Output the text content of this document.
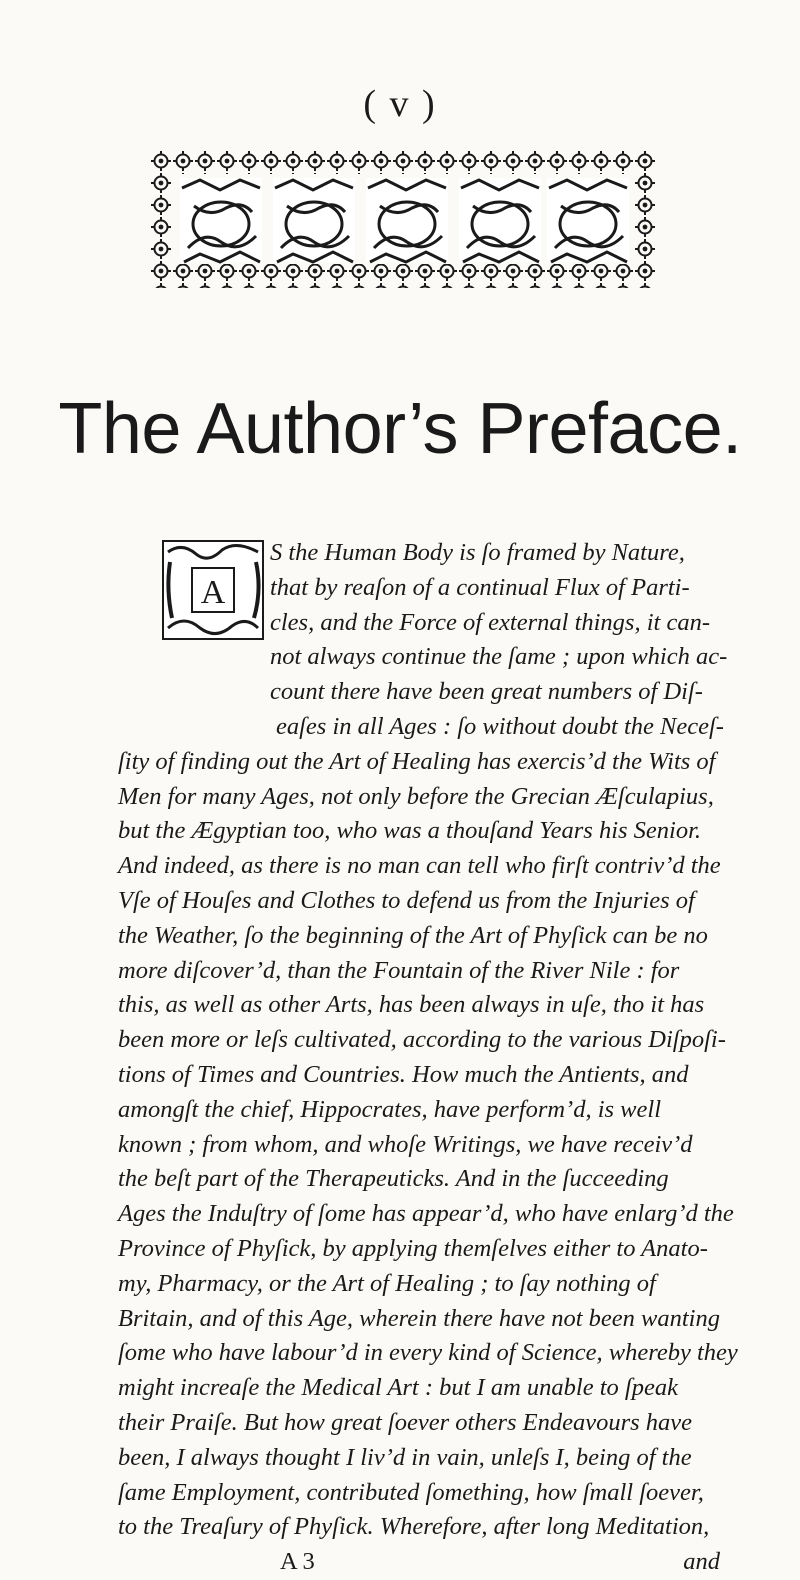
( v )
The Author’s Preface.
A
S the Human Body is ſo framed by Nature,
that by reaſon of a continual Flux of Parti-
cles, and the Force of external things, it can-
not always continue the ſame ; upon which ac-
count there have been great numbers of Diſ-
eaſes in all Ages : ſo without doubt the Neceſ-
ſity of finding out the Art of Healing has exercis’d the Wits of
Men for many Ages, not only before the Grecian Æſculapius,
but the Ægyptian too, who was a thouſand Years his Senior.
And indeed, as there is no man can tell who firſt contriv’d the
Vſe of Houſes and Clothes to defend us from the Injuries of
the Weather, ſo the beginning of the Art of Phyſick can be no
more diſcover’d, than the Fountain of the River Nile : for
this, as well as other Arts, has been always in uſe, tho it has
been more or leſs cultivated, according to the various Diſpoſi-
tions of Times and Countries. How much the Antients, and
amongſt the chief, Hippocrates, have perform’d, is well
known ; from whom, and whoſe Writings, we have receiv’d
the beſt part of the Therapeuticks. And in the ſucceeding
Ages the Induſtry of ſome has appear’d, who have enlarg’d the
Province of Phyſick, by applying themſelves either to Anato-
my, Pharmacy, or the Art of Healing ; to ſay nothing of
Britain, and of this Age, wherein there have not been wanting
ſome who have labour’d in every kind of Science, whereby they
might increaſe the Medical Art : but I am unable to ſpeak
their Praiſe. But how great ſoever others Endeavours have
been, I always thought I liv’d in vain, unleſs I, being of the
ſame Employment, contributed ſomething, how ſmall ſoever,
to the Treaſury of Phyſick. Wherefore, after long Meditation,
A 3	and
